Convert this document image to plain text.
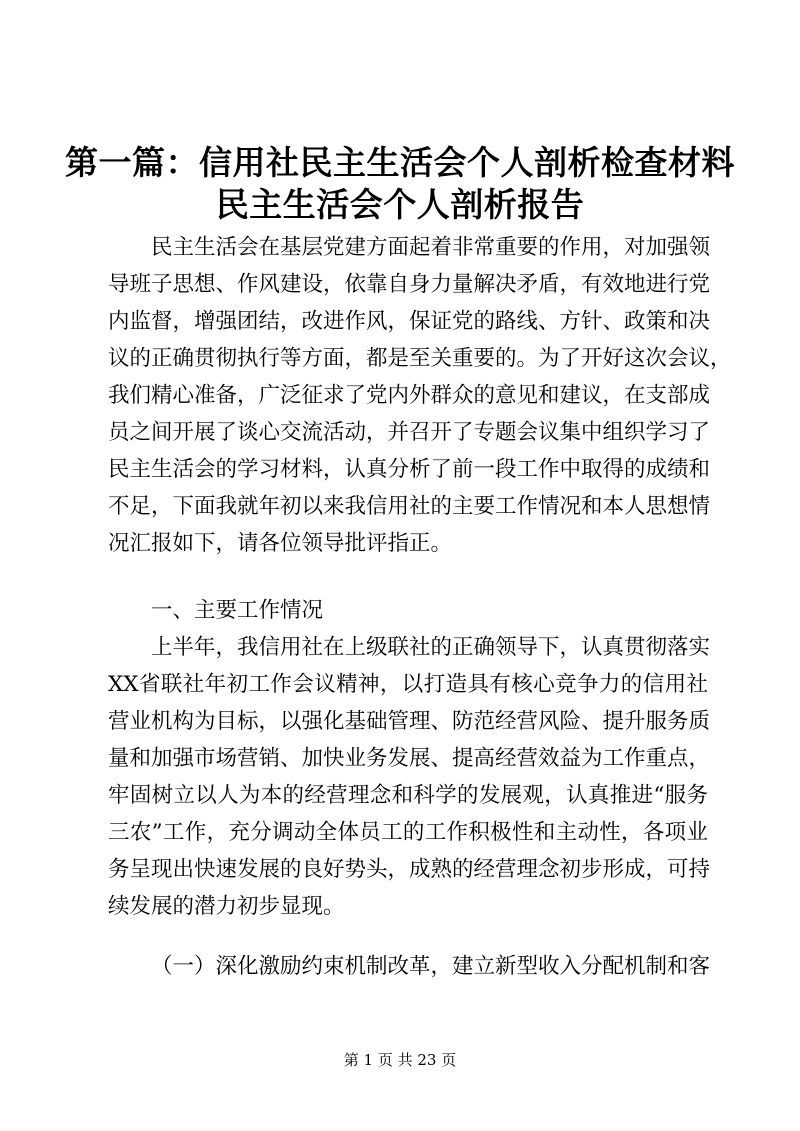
第一篇：信用社民主生活会个人剖析检查材料
民主生活会个人剖析报告
民主生活会在基层党建方面起着非常重要的作用，对加强领
导班子思想、作风建设，依靠自身力量解决矛盾，有效地进行党
内监督，增强团结，改进作风，保证党的路线、方针、政策和决
议的正确贯彻执行等方面，都是至关重要的。为了开好这次会议，
我们精心准备，广泛征求了党内外群众的意见和建议，在支部成
员之间开展了谈心交流活动，并召开了专题会议集中组织学习了
民主生活会的学习材料，认真分析了前一段工作中取得的成绩和
不足，下面我就年初以来我信用社的主要工作情况和本人思想情
况汇报如下，请各位领导批评指正。
一、主要工作情况
上半年，我信用社在上级联社的正确领导下，认真贯彻落实
XX省联社年初工作会议精神，以打造具有核心竞争力的信用社
营业机构为目标，以强化基础管理、防范经营风险、提升服务质
量和加强市场营销、加快业务发展、提高经营效益为工作重点，
牢固树立以人为本的经营理念和科学的发展观，认真推进“服务
三农”工作，充分调动全体员工的工作积极性和主动性，各项业
务呈现出快速发展的良好势头，成熟的经营理念初步形成，可持
续发展的潜力初步显现。
（一）深化激励约束机制改革，建立新型收入分配机制和客
第 1 页 共 23 页
